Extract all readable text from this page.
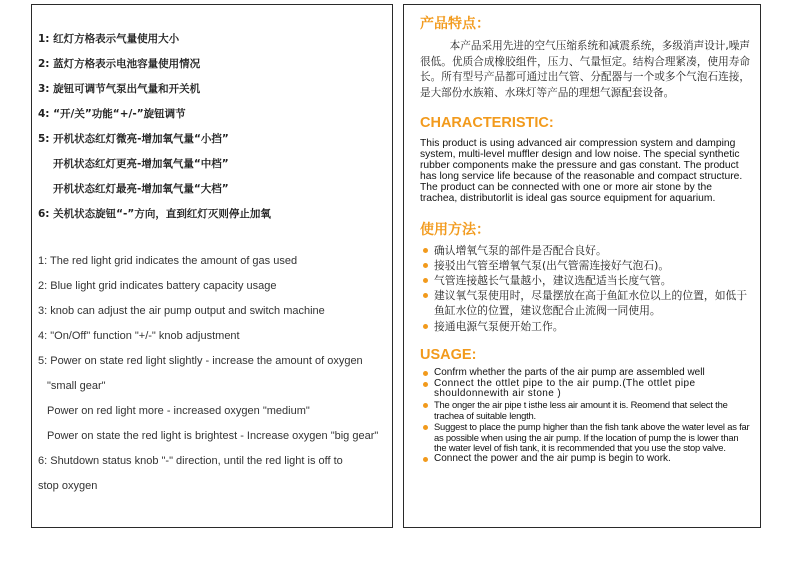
1: 红灯方格表示气量使用大小
2: 蓝灯方格表示电池容量使用情况
3: 旋钮可调节气泵出气量和开关机
4: “开/关”功能“+/-”旋钮调节
5: 开机状态红灯微亮-增加氧气量“小挡”
开机状态红灯更亮-增加氧气量“中档”
开机状态红灯最亮-增加氧气量“大档”
6: 关机状态旋钮“-”方向，直到红灯灭则停止加氧
1: The red light grid indicates the amount of gas used
2: Blue light grid indicates battery capacity usage
3: knob can adjust the air pump output and switch machine
4: "On/Off" function "+/-" knob adjustment
5: Power on state red light slightly - increase the amount of oxygen
"small gear"
Power on red light more - increased oxygen "medium"
Power on state the red light is brightest - Increase oxygen "big gear"
6: Shutdown status knob "-" direction, until the red light is off to
stop oxygen
产品特点：

本产品采用先进的空气压缩系统和减震系统，多级消声设计,噪声很低。优质合成橡胶组件，压力、气量恒定。结构合理紧凑，使用寿命长。所有型号产品都可通过出气管、分配器与一个或多个气泡石连接，是大部份水族箱、水珠灯等产品的理想气源配套设备。

CHARACTERISTIC:

This product is using advanced air compression system and damping system, multi-level muffler design and low noise. The special synthetic rubber components make the pressure and gas constant. The product has long service life because of the reasonable and compact structure. The product can be connected with one or more air stone by the trachea, distributorlit is ideal gas source equipment for aquarium.

使用方法：
确认增氧气泵的部件是否配合良好。
接驳出气管至增氧气泵(出气管需连接好气泡石)。
气管连接越长气量越小，建议选配适当长度气管。
建议氧气泵使用时，尽量摆放在高于鱼缸水位以上的位置，如低于鱼缸水位的位置，建议您配合止流阀一同使用。
接通电源气泵便开始工作。
USAGE:
Confrm whether the parts of the air pump are assembled well
Connect the ottlet pipe to the air pump.(The ottlet pipe shouldonnewith air stone )
The onger the air pipe t isthe less air amount it is. Reomend that select the trachea of suitable length.
Suggest to place the pump higher than the fish tank above the water level as far as possible when using the air pump. If the location of pump the is lower than the water level of fish tank, it is recommended that you use the stop valve.
Connect the power and the air pump is begin to work.
